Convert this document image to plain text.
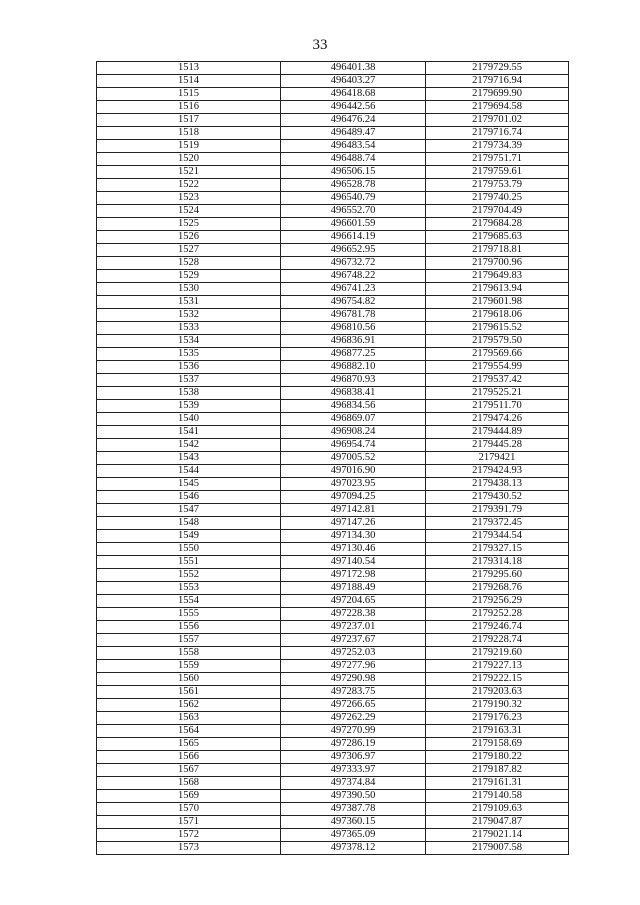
33
1513	496401.38	2179729.55
1514	496403.27	2179716.94
1515	496418.68	2179699.90
1516	496442.56	2179694.58
1517	496476.24	2179701.02
1518	496489.47	2179716.74
1519	496483.54	2179734.39
1520	496488.74	2179751.71
1521	496506.15	2179759.61
1522	496528.78	2179753.79
1523	496540.79	2179740.25
1524	496552.70	2179704.49
1525	496601.59	2179684.28
1526	496614.19	2179685.63
1527	496652.95	2179718.81
1528	496732.72	2179700.96
1529	496748.22	2179649.83
1530	496741.23	2179613.94
1531	496754.82	2179601.98
1532	496781.78	2179618.06
1533	496810.56	2179615.52
1534	496836.91	2179579.50
1535	496877.25	2179569.66
1536	496882.10	2179554.99
1537	496870.93	2179537.42
1538	496838.41	2179525.21
1539	496834.56	2179511.70
1540	496869.07	2179474.26
1541	496908.24	2179444.89
1542	496954.74	2179445.28
1543	497005.52	2179421
1544	497016.90	2179424.93
1545	497023.95	2179438.13
1546	497094.25	2179430.52
1547	497142.81	2179391.79
1548	497147.26	2179372.45
1549	497134.30	2179344.54
1550	497130.46	2179327.15
1551	497140.54	2179314.18
1552	497172.98	2179295.60
1553	497188.49	2179268.76
1554	497204.65	2179256.29
1555	497228.38	2179252.28
1556	497237.01	2179246.74
1557	497237.67	2179228.74
1558	497252.03	2179219.60
1559	497277.96	2179227.13
1560	497290.98	2179222.15
1561	497283.75	2179203.63
1562	497266.65	2179190.32
1563	497262.29	2179176.23
1564	497270.99	2179163.31
1565	497286.19	2179158.69
1566	497306.97	2179180.22
1567	497333.97	2179187.82
1568	497374.84	2179161.31
1569	497390.50	2179140.58
1570	497387.78	2179109.63
1571	497360.15	2179047.87
1572	497365.09	2179021.14
1573	497378.12	2179007.58
